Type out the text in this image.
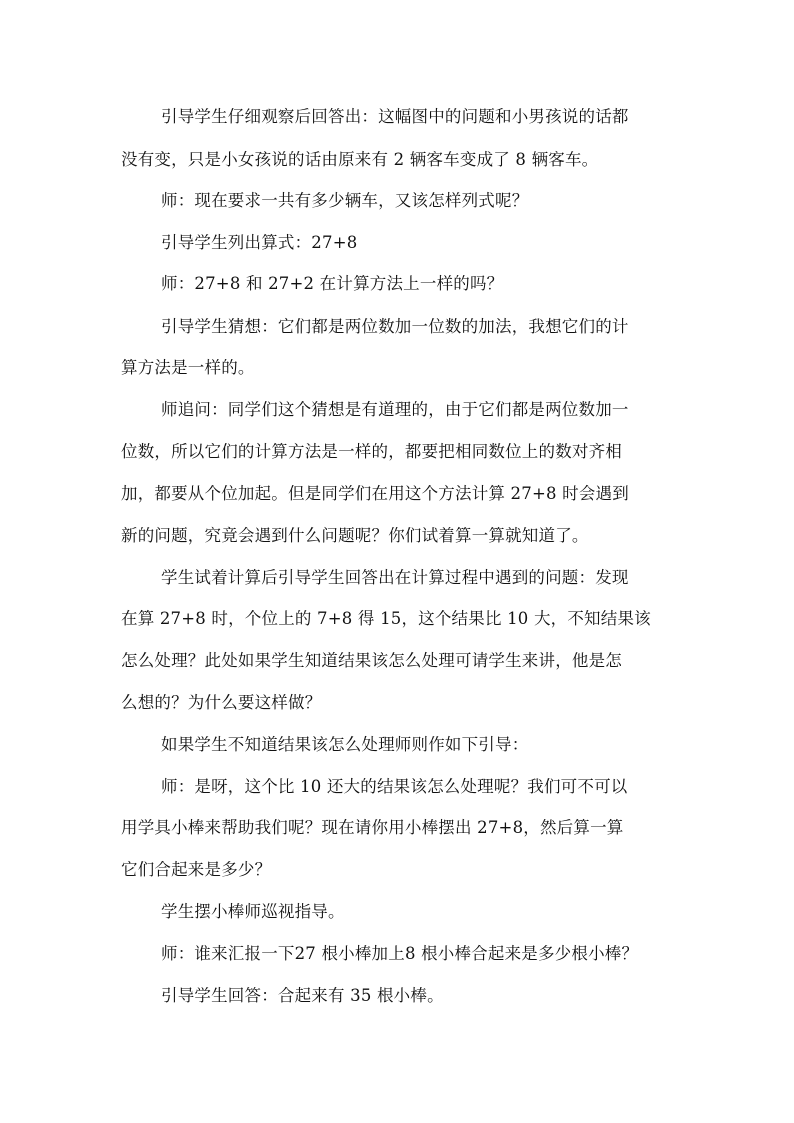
引导学生仔细观察后回答出：这幅图中的问题和小男孩说的话都
没有变，只是小女孩说的话由原来有 2 辆客车变成了 8 辆客车。
师：现在要求一共有多少辆车，又该怎样列式呢？
引导学生列出算式：27+8
师：27+8 和 27+2 在计算方法上一样的吗？
引导学生猜想：它们都是两位数加一位数的加法，我想它们的计
算方法是一样的。
师追问：同学们这个猜想是有道理的，由于它们都是两位数加一
位数，所以它们的计算方法是一样的，都要把相同数位上的数对齐相
加，都要从个位加起。但是同学们在用这个方法计算 27+8 时会遇到
新的问题，究竟会遇到什么问题呢？你们试着算一算就知道了。
学生试着计算后引导学生回答出在计算过程中遇到的问题：发现
在算 27+8 时，个位上的 7+8 得 15，这个结果比 10 大，不知结果该
怎么处理？此处如果学生知道结果该怎么处理可请学生来讲，他是怎
么想的？为什么要这样做？
如果学生不知道结果该怎么处理师则作如下引导：
师：是呀，这个比 10 还大的结果该怎么处理呢？我们可不可以
用学具小棒来帮助我们呢？现在请你用小棒摆出 27+8，然后算一算
它们合起来是多少？
学生摆小棒师巡视指导。
师：谁来汇报一下27 根小棒加上8 根小棒合起来是多少根小棒？
引导学生回答：合起来有 35 根小棒。
